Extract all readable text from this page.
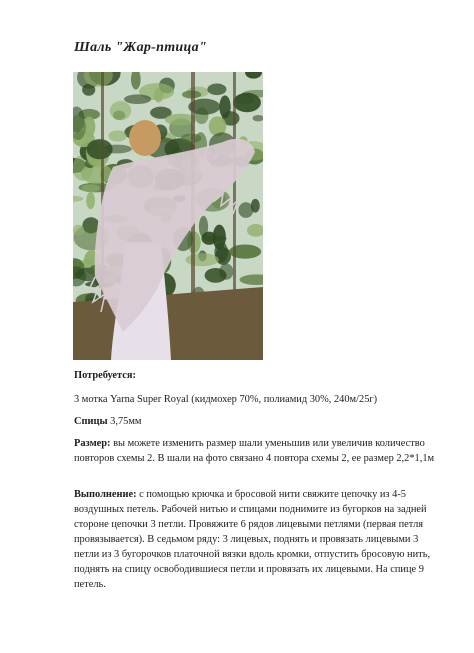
Шаль "Жар-птица"

Потребуется:

3 мотка Yarna Super Royal (кидмохер 70%, полиамид 30%, 240м/25г)

Спицы 3,75мм

Размер: вы можете изменить размер шали уменьшив или увеличив количество повторов схемы 2. В шали на фото связано 4 повтора схемы 2, ее размер 2,2*1,1м

Выполнение: с помощью крючка и бросовой нити свяжите цепочку из 4-5 воздушных петель. Рабочей нитью и спицами поднимите из бугорков на задней стороне цепочки 3 петли. Провяжите 6 рядов лицевыми петлями (первая петля провязывается). В седьмом ряду: 3 лицевых, поднять и провязать лицевыми 3 петли из 3 бугорочков платочной вязки вдоль кромки, отпустить бросовую нить, поднять на спицу освободившиеся петли и провязать их лицевыми. На спице 9 петель.
